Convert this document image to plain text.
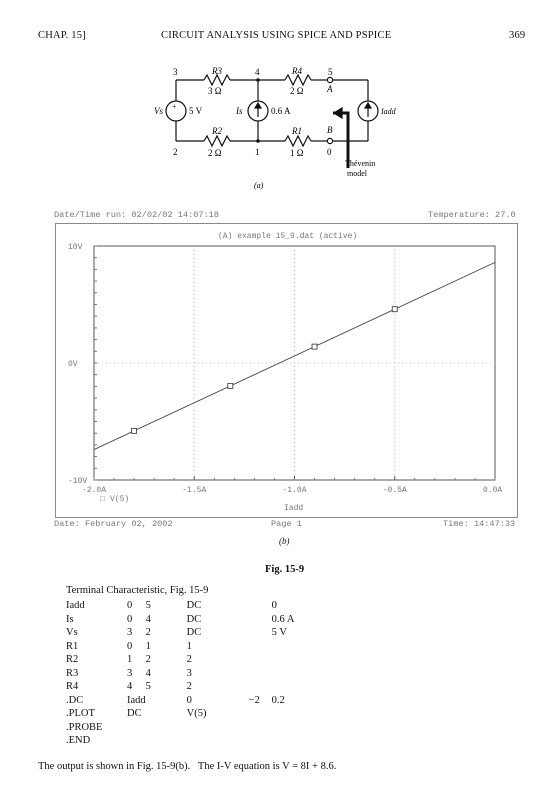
CHAP. 15]	CIRCUIT ANALYSIS USING SPICE AND PSPICE	369
+
3	4	5
2	1	0
A
B
R3
3 Ω
R4
2 Ω
R2
2 Ω
R1
1 Ω
Vs	5 V	Is	0.6 A	Iadd
Thévenin
model
(a)
Date/Time run: 02/02/02 14:07:18	Temperature: 27.0
(A) example 15_9.dat (active)
-2.0A	-1.5A	-1.0A	-0.5A	0.0A
10V
0V
-10V
Iadd
□ V(5)
Date: February 02, 2002	Page 1	Time: 14:47:33
(b)
Fig. 15-9
Terminal Characteristic, Fig. 15-9
Iadd	0	5	DC		0
Is	0	4	DC		0.6 A
Vs	3	2	DC		5 V
R1	0	1	1		
R2	1	2	2		
R3	3	4	3		
R4	4	5	2		
.DC	Iadd		0	−2	0.2
.PLOT	DC		V(5)		
.PROBE					
.END					
The output is shown in Fig. 15-9(b).   The I-V equation is V = 8I + 8.6.
